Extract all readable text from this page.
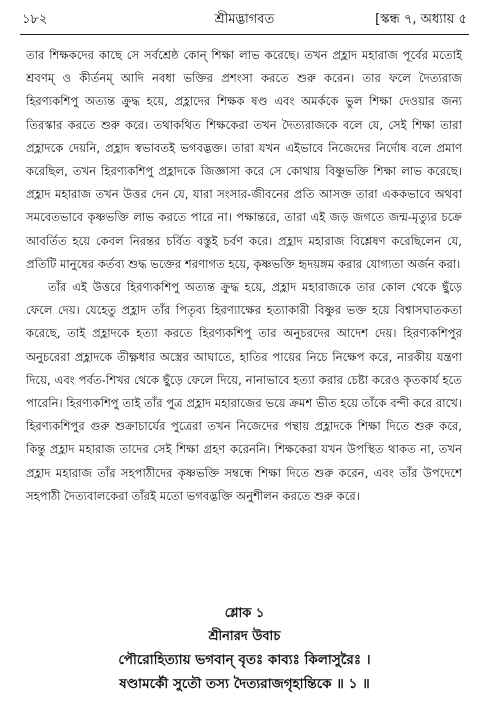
১৮২	শ্রীমদ্ভাগবত	[স্কন্ধ ৭, অধ্যায় ৫

তার শিক্ষকদের কাছে সে সর্বশ্রেষ্ঠ কোন্ শিক্ষা লাভ করেছে। তখন প্রহ্লাদ মহারাজ পূর্বের মতোই শ্রবণম্ ও কীর্তনম্ আদি নবধা ভক্তির প্রশংসা করতে শুরু করেন। তার ফলে দৈত্যরাজ হিরণ্যকশিপু অত্যন্ত ক্রুদ্ধ হয়ে, প্রহ্লাদের শিক্ষক ষণ্ড এবং অমর্ককে ভুল শিক্ষা দেওয়ার জন্য তিরস্কার করতে শুরু করে। তথাকথিত শিক্ষকেরা তখন দৈত্যরাজকে বলে যে, সেই শিক্ষা তারা প্রহ্লাদকে দেয়নি, প্রহ্লাদ স্বভাবতই ভগবদ্ভক্ত। তারা যখন এইভাবে নিজেদের নির্দোষ বলে প্রমাণ করেছিল, তখন হিরণ্যকশিপু প্রহ্লাদকে জিজ্ঞাসা করে সে কোথায় বিষ্ণুভক্তি শিক্ষা লাভ করেছে। প্রহ্লাদ মহারাজ তখন উত্তর দেন যে, যারা সংসার-জীবনের প্রতি আসক্ত তারা এককভাবে অথবা সমবেতভাবে কৃষ্ণভক্তি লাভ করতে পারে না। পক্ষান্তরে, তারা এই জড় জগতে জন্ম-মৃত্যুর চক্রে আবর্তিত হয়ে কেবল নিরন্তর চর্বিত বস্তুই চর্বণ করে। প্রহ্লাদ মহারাজ বিশ্লেষণ করেছিলেন যে, প্রতিটি মানুষের কর্তব্য শুদ্ধ ভক্তের শরণাগত হয়ে, কৃষ্ণভক্তি হৃদয়ঙ্গম করার যোগ্যতা অর্জন করা।

তাঁর এই উত্তরে হিরণ্যকশিপু অত্যন্ত ক্রুদ্ধ হয়ে, প্রহ্লাদ মহারাজকে তার কোল থেকে ছুঁড়ে ফেলে দেয়। যেহেতু প্রহ্লাদ তাঁর পিতৃব্য হিরণ্যাক্ষের হত্যাকারী বিষ্ণুর ভক্ত হয়ে বিশ্বাসঘাতকতা করেছে, তাই প্রহ্লাদকে হত্যা করতে হিরণ্যকশিপু তার অনুচরদের আদেশ দেয়। হিরণ্যকশিপুর অনুচরেরা প্রহ্লাদকে তীক্ষ্ণধার অস্ত্রের আঘাতে, হাতির পায়ের নিচে নিক্ষেপ করে, নারকীয় যন্ত্রণা দিয়ে, এবং পর্বত-শিখর থেকে ছুঁড়ে ফেলে দিয়ে, নানাভাবে হত্যা করার চেষ্টা করেও কৃতকার্য হতে পারেনি। হিরণ্যকশিপু তাই তাঁর পুত্র প্রহ্লাদ মহারাজের ভয়ে ক্রমশ ভীত হয়ে তাঁকে বন্দী করে রাখে। হিরণ্যকশিপুর গুরু শুক্রাচার্যের পুত্রেরা তখন নিজেদের পন্থায় প্রহ্লাদকে শিক্ষা দিতে শুরু করে, কিন্তু প্রহ্লাদ মহারাজ তাদের সেই শিক্ষা গ্রহণ করেননি। শিক্ষকেরা যখন উপস্থিত থাকত না, তখন প্রহ্লাদ মহারাজ তাঁর সহপাঠীদের কৃষ্ণভক্তি সম্বন্ধে শিক্ষা দিতে শুরু করেন, এবং তাঁর উপদেশে সহপাঠী দৈত্যবালকেরা তাঁরই মতো ভগবদ্ভক্তি অনুশীলন করতে শুরু করে।

শ্লোক ১
শ্রীনারদ উবাচ
পৌরোহিত্যায় ভগবান্ বৃতঃ কাব্যঃ কিলাসুরৈঃ ।
ষণ্ডামর্কৌ সুতৌ তস্য দৈত্যরাজগৃহান্তিকে ॥ ১ ॥
